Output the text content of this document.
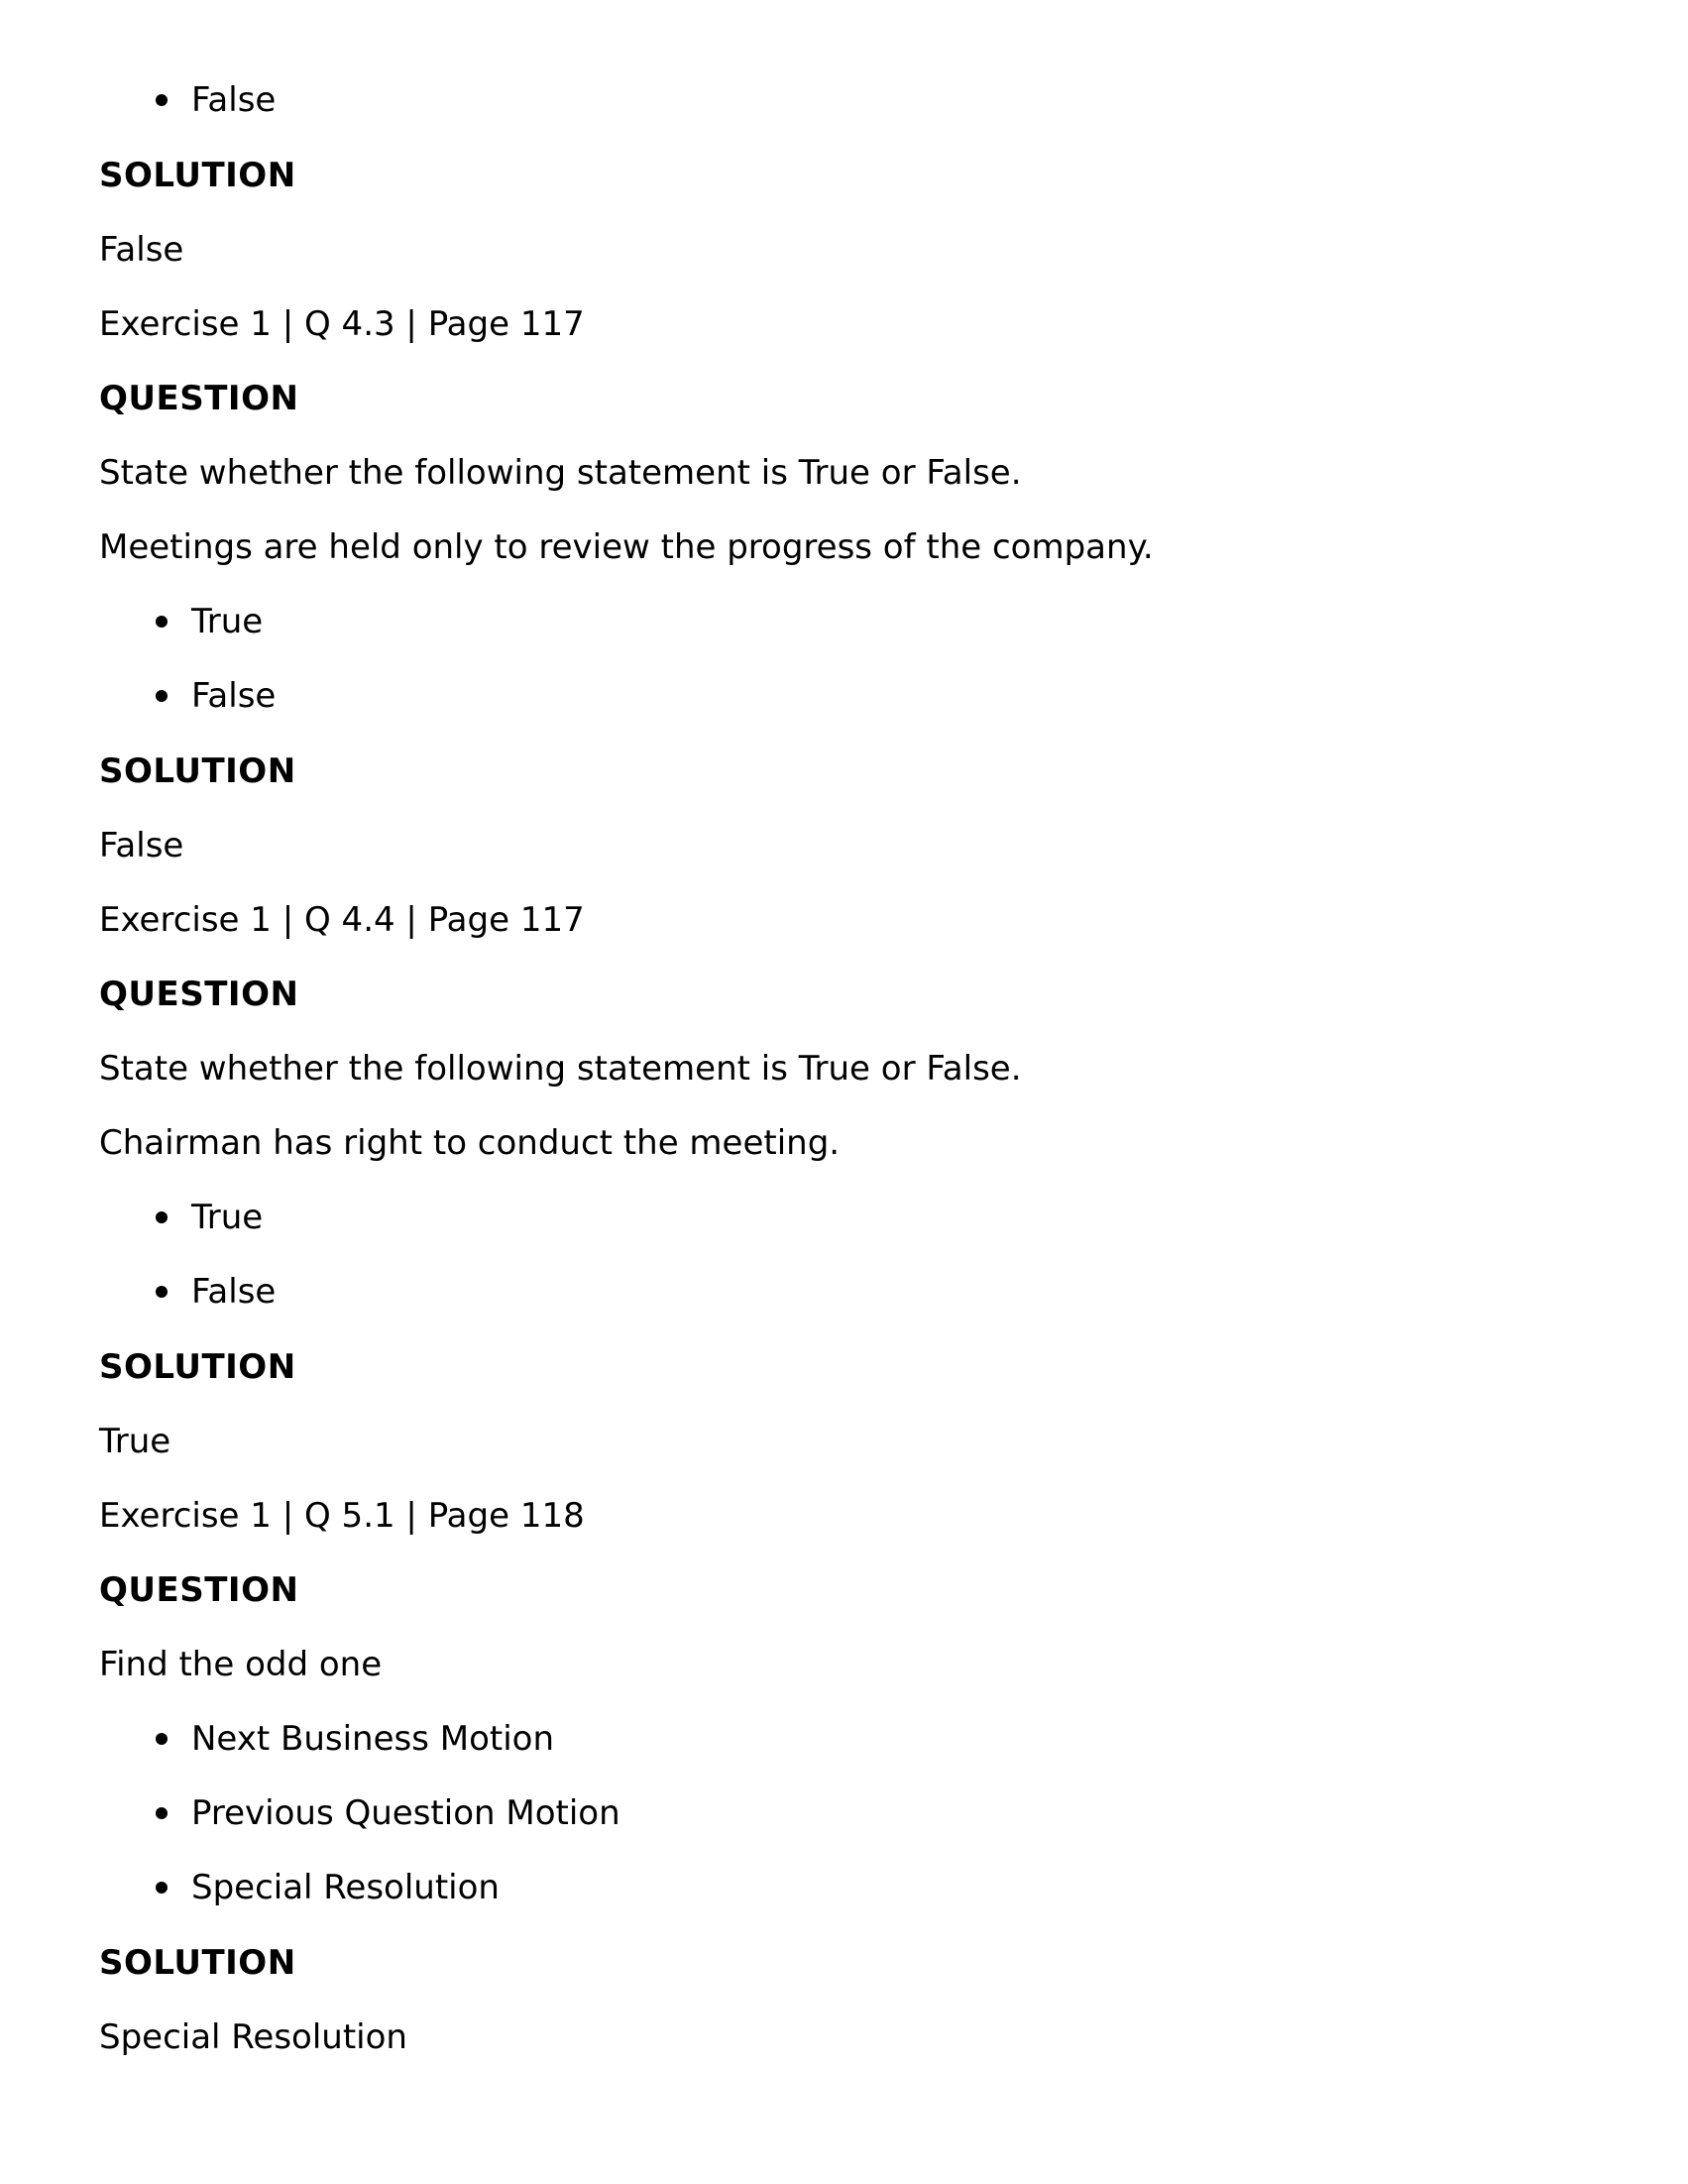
False
SOLUTION
False
Exercise 1 | Q 4.3 | Page 117
QUESTION
State whether the following statement is True or False.
Meetings are held only to review the progress of the company.
True
False
SOLUTION
False
Exercise 1 | Q 4.4 | Page 117
QUESTION
State whether the following statement is True or False.
Chairman has right to conduct the meeting.
True
False
SOLUTION
True
Exercise 1 | Q 5.1 | Page 118
QUESTION
Find the odd one
Next Business Motion
Previous Question Motion
Special Resolution
SOLUTION
Special Resolution
